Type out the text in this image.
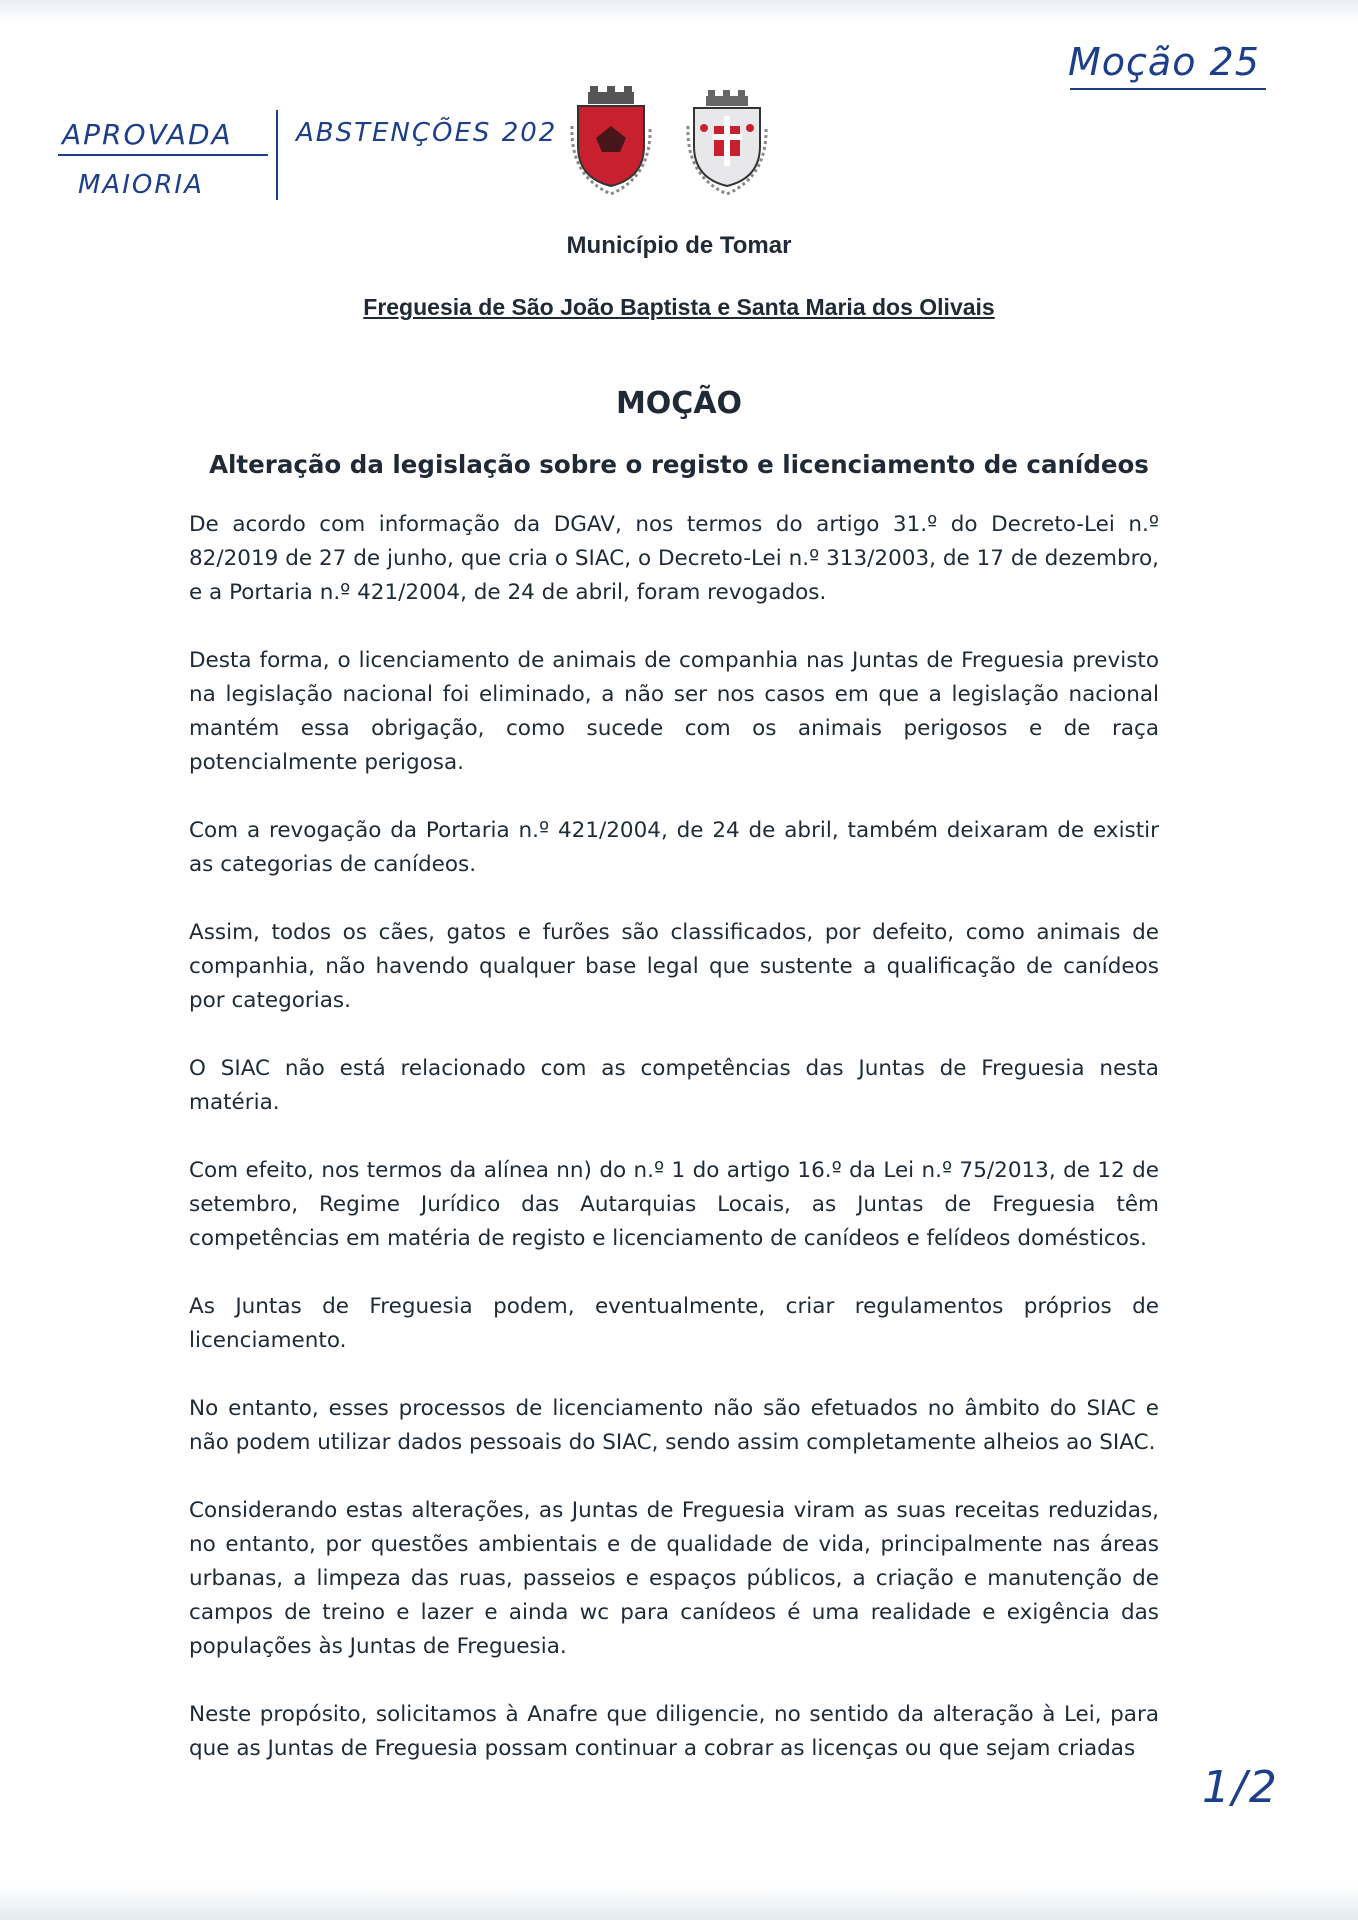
APROVADA
MAIORIA
ABSTENÇÕES 202
Moção 25
Município de Tomar
Freguesia de São João Baptista e Santa Maria dos Olivais
MOÇÃO
Alteração da legislação sobre o registo e licenciamento de canídeos

De acordo com informação da DGAV, nos termos do artigo 31.º do Decreto-Lei n.º 82/2019 de 27 de junho, que cria o SIAC, o Decreto-Lei n.º 313/2003, de 17 de dezembro, e a Portaria n.º 421/2004, de 24 de abril, foram revogados.

Desta forma, o licenciamento de animais de companhia nas Juntas de Freguesia previsto na legislação nacional foi eliminado, a não ser nos casos em que a legislação nacional mantém essa obrigação, como sucede com os animais perigosos e de raça potencialmente perigosa.

Com a revogação da Portaria n.º 421/2004, de 24 de abril, também deixaram de existir as categorias de canídeos.

Assim, todos os cães, gatos e furões são classificados, por defeito, como animais de companhia, não havendo qualquer base legal que sustente a qualificação de canídeos por categorias.

O SIAC não está relacionado com as competências das Juntas de Freguesia nesta matéria.

Com efeito, nos termos da alínea nn) do n.º 1 do artigo 16.º da Lei n.º 75/2013, de 12 de setembro, Regime Jurídico das Autarquias Locais, as Juntas de Freguesia têm competências em matéria de registo e licenciamento de canídeos e felídeos domésticos.

As Juntas de Freguesia podem, eventualmente, criar regulamentos próprios de licenciamento.

No entanto, esses processos de licenciamento não são efetuados no âmbito do SIAC e não podem utilizar dados pessoais do SIAC, sendo assim completamente alheios ao SIAC.

Considerando estas alterações, as Juntas de Freguesia viram as suas receitas reduzidas, no entanto, por questões ambientais e de qualidade de vida, principalmente nas áreas urbanas, a limpeza das ruas, passeios e espaços públicos, a criação e manutenção de campos de treino e lazer e ainda wc para canídeos é uma realidade e exigência das populações às Juntas de Freguesia.

Neste propósito, solicitamos à Anafre que diligencie, no sentido da alteração à Lei, para que as Juntas de Freguesia possam continuar a cobrar as licenças ou que sejam criadas

1/2
